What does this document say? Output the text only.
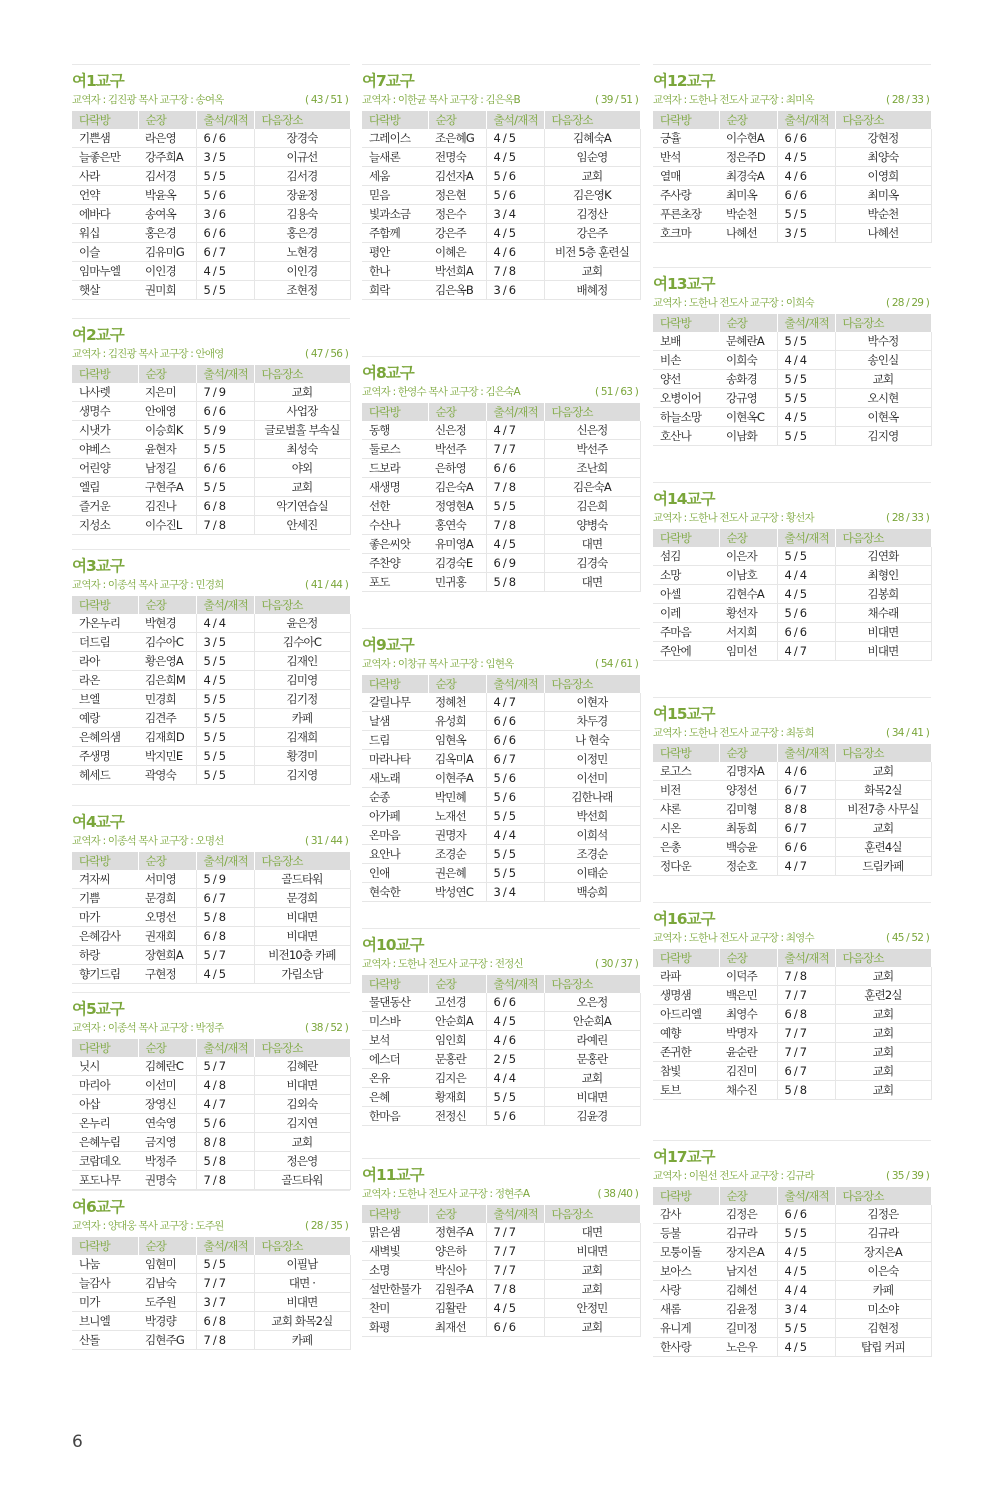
여1교구
교역자 : 김진광 목사 교구장 : 송여옥	( 43 / 51 )
다락방	순장	출석/재적	다음장소
기쁜샘	라은영	6 / 6	장경숙
늘좋은만	강주희A	3 / 5	이규선
사라	김서경	5 / 5	김서경
언약	박윤옥	5 / 6	장윤정
에바다	송여옥	3 / 6	김용숙
워십	홍은경	6 / 6	홍은경
이슬	김유미G	6 / 7	노현경
임마누엘	이인경	4 / 5	이인경
햇살	권미희	5 / 5	조현정
여2교구
교역자 : 김진광 목사 교구장 : 안애영	( 47 / 56 )
다락방	순장	출석/재적	다음장소
나사렛	지은미	7 / 9	교회
생명수	안애영	6 / 6	사업장
시냇가	이승희K	5 / 9	글로벌홀 부속실
야베스	윤현자	5 / 5	최성숙
어린양	남정길	6 / 6	야외
엘림	구현주A	5 / 5	교회
즐거운	김진나	6 / 8	악기연습실
지성소	이수진L	7 / 8	안세진
여3교구
교역자 : 이종석 목사 교구장 : 민경희	( 41 / 44 )
다락방	순장	출석/재적	다음장소
가온누리	박현경	4 / 4	윤은정
더드림	김수아C	3 / 5	김수아C
라아	황은영A	5 / 5	김재인
라온	김은희M	4 / 5	김미영
브엘	민경희	5 / 5	김기정
예랑	김견주	5 / 5	카페
은혜의샘	김재희D	5 / 5	김재희
주생명	박지민E	5 / 5	황경미
헤세드	곽영숙	5 / 5	김지영
여4교구
교역자 : 이종석 목사 교구장 : 오명선	( 31 / 44 )
다락방	순장	출석/재적	다음장소
겨자씨	서미영	5 / 9	골드타워
기쁨	문경희	6 / 7	문경희
마가	오명선	5 / 8	비대면
은혜감사	권재희	6 / 8	비대면
하랑	장현희A	5 / 7	비전10층 카페
향기드림	구현정	4 / 5	가림소담
여5교구
교역자 : 이종석 목사 교구장 : 박정주	( 38 / 52 )
다락방	순장	출석/재적	다음장소
닛시	김혜란C	5 / 7	김혜란
마리아	이선미	4 / 8	비대면
아삽	장영신	4 / 7	김외숙
온누리	연숙영	5 / 6	김지연
은혜누림	금지영	8 / 8	교회
코람데오	박정주	5 / 8	정은영
포도나무	권명숙	7 / 8	골드타워
여6교구
교역자 : 양대웅 목사 교구장 : 도주원	( 28 / 35 )
다락방	순장	출석/재적	다음장소
나눔	임현미	5 / 5	이필남
늘감사	김남숙	7 / 7	대면 ·
미가	도주원	3 / 7	비대면
브니엘	박경량	6 / 8	교회 화목2실
산돌	김현주G	7 / 8	카페
여7교구
교역자 : 이한균 목사 교구장 : 김은옥B	( 39 / 51 )
다락방	순장	출석/재적	다음장소
그레이스	조은혜G	4 / 5	김혜숙A
늘새론	전명숙	4 / 5	임순영
세움	김선자A	5 / 6	교회
믿음	정은현	5 / 6	김은영K
빛과소금	정은수	3 / 4	김정산
주함께	강은주	4 / 5	강은주
평안	이혜은	4 / 6	비전 5층 훈련실
한나	박선희A	7 / 8	교회
희락	김은옥B	3 / 6	배혜정
여8교구
교역자 : 한영수 목사 교구장 : 김은숙A	( 51 / 63 )
다락방	순장	출석/재적	다음장소
동행	신은정	4 / 7	신은정
둘로스	박선주	7 / 7	박선주
드보라	은하영	6 / 6	조난희
새생명	김은숙A	7 / 8	김은숙A
선한	정영현A	5 / 5	김은희
수산나	홍연숙	7 / 8	양병숙
좋은씨앗	유미영A	4 / 5	대면
주찬양	김경숙E	6 / 9	김경숙
포도	민귀홍	5 / 8	대면
여9교구
교역자 : 이창규 목사 교구장 : 임현옥	( 54 / 61 )
다락방	순장	출석/재적	다음장소
갈릴나무	정혜천	4 / 7	이현자
날샘	유성희	6 / 6	차두경
드림	임현옥	6 / 6	나 현숙
마라나타	김옥미A	6 / 7	이정민
새노래	이현주A	5 / 6	이선미
순종	박민혜	5 / 6	김한나래
아가페	노재선	5 / 5	박선희
온마음	권명자	4 / 4	이희석
요안나	조경순	5 / 5	조경순
인애	권은혜	5 / 5	이태순
현숙한	박성연C	3 / 4	백승희
여10교구
교역자 : 도한나 전도사 교구장 : 전정신	( 30 / 37 )
다락방	순장	출석/재적	다음장소
물댄동산	고선경	6 / 6	오은정
미스바	안순희A	4 / 5	안순희A
보석	임인희	4 / 6	라예린
에스더	문홍란	2 / 5	문홍란
온유	김지은	4 / 4	교회
은혜	황재희	5 / 5	비대면
한마음	전정신	5 / 6	김윤경
여11교구
교역자 : 도한나 전도사 교구장 : 정현주A	( 38 /40 )
다락방	순장	출석/재적	다음장소
맑은샘	정현주A	7 / 7	대면
새벽빛	양은하	7 / 7	비대면
소명	박신아	7 / 7	교회
설만한물가	김원주A	7 / 8	교회
찬미	김활란	4 / 5	안정민
화평	최재선	6 / 6	교회
여12교구
교역자 : 도한나 전도사 교구장 : 최미옥	( 28 / 33 )
다락방	순장	출석/재적	다음장소
긍휼	이수현A	6 / 6	강현정
반석	정은주D	4 / 5	최양숙
열매	최경숙A	4 / 6	이영희
주사랑	최미옥	6 / 6	최미옥
푸른초장	박순천	5 / 5	박순천
호크마	나혜선	3 / 5	나혜선
여13교구
교역자 : 도한나 전도사 교구장 : 이희숙	( 28 / 29 )
다락방	순장	출석/재적	다음장소
보배	문혜란A	5 / 5	박수정
비손	이희숙	4 / 4	송인실
양선	송화경	5 / 5	교회
오병이어	강규영	5 / 5	오시현
하늘소망	이현옥C	4 / 5	이현옥
호산나	이남화	5 / 5	김지영
여14교구
교역자 : 도한나 전도사 교구장 : 황선자	( 28 / 33 )
다락방	순장	출석/재적	다음장소
섬김	이은자	5 / 5	김연화
소망	이남호	4 / 4	최형인
아셀	김현수A	4 / 5	김봉희
이레	황선자	5 / 6	채수래
주마음	서지희	6 / 6	비대면
주안에	임미선	4 / 7	비대면
여15교구
교역자 : 도한나 전도사 교구장 : 최동희	( 34 / 41 )
다락방	순장	출석/재적	다음장소
로고스	김명자A	4 / 6	교회
비전	양정선	6 / 7	화목2실
샤론	김미형	8 / 8	비전7층 사무실
시온	최동희	6 / 7	교회
은총	백승윤	6 / 6	훈련4실
정다운	정순호	4 / 7	드림카페
여16교구
교역자 : 도한나 전도사 교구장 : 최영수	( 45 / 52 )
다락방	순장	출석/재적	다음장소
라파	이덕주	7 / 8	교회
생명샘	백은민	7 / 7	훈련2실
아드리엘	최영수	6 / 8	교회
예향	박명자	7 / 7	교회
존귀한	윤순란	7 / 7	교회
참빛	김진미	6 / 7	교회
토브	채수진	5 / 8	교회
여17교구
교역자 : 이원선 전도사 교구장 : 김규라	( 35 / 39 )
다락방	순장	출석/재적	다음장소
감사	김정은	6 / 6	김정은
등불	김규라	5 / 5	김규라
모퉁이돌	장지은A	4 / 5	장지은A
보아스	남지선	4 / 5	이은숙
사랑	김혜선	4 / 4	카페
새롬	김윤정	3 / 4	미소야
유니게	길미정	5 / 5	김현정
한사랑	노은우	4 / 5	탑립 커피
6
